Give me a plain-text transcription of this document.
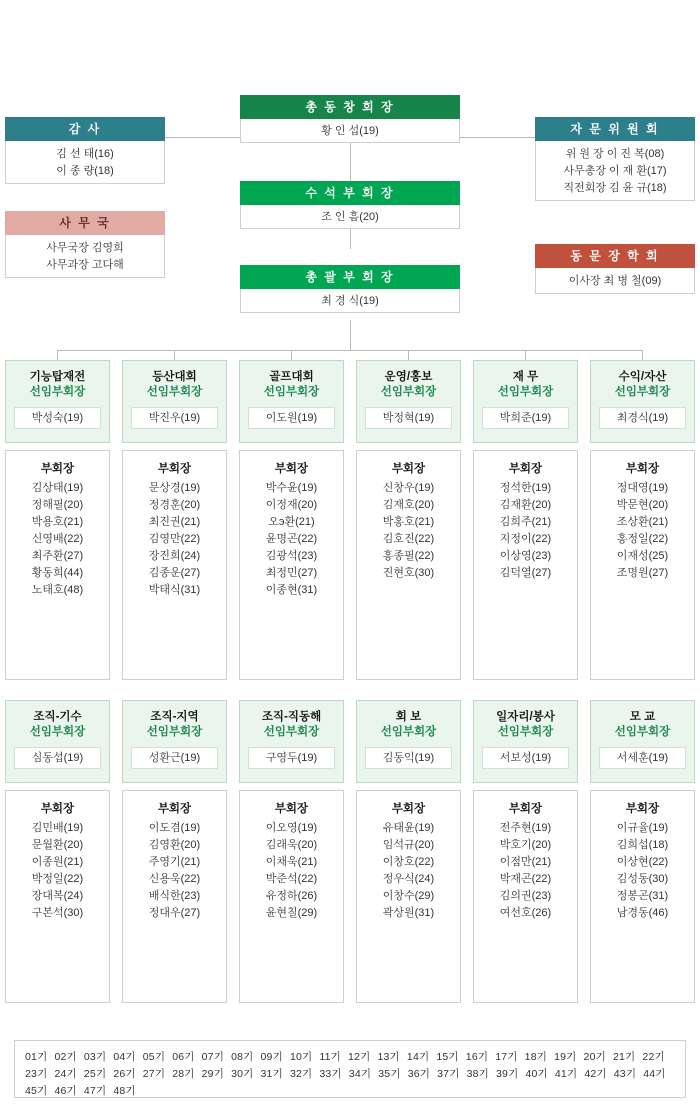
총 동 창 회 장
황 인 섭(19)
감 사
김 선 태(16)
이 종 량(18)
자 문 위 원 회
위 원 장 이 진 복(08)
사무총장 이 재 환(17)
직전회장 김 윤 규(18)
수 석 부 회 장
조 인 흠(20)
사 무 국
사무국장 김영희
사무과장 고다해
총 괄 부 회 장
최 경 식(19)
동 문 장 학 회
이사장 최 병 철(09)
기능탑재전
선임부회장
박성숙(19)
부회장
김상태(19)
정해필(20)
박용호(21)
신영배(22)
최주환(27)
황동희(44)
노태호(48)
등산대회
선임부회장
박진우(19)
부회장
문상경(19)
정경훈(20)
최진권(21)
김영만(22)
장진희(24)
김종운(27)
박태식(31)
골프대회
선임부회장
이도원(19)
부회장
박수윤(19)
이정재(20)
오э환(21)
윤명곤(22)
김광석(23)
최정민(27)
이종현(31)
운영/홍보
선임부회장
박정혁(19)
부회장
신창우(19)
김재호(20)
박홍호(21)
김호진(22)
홍종필(22)
진현호(30)
재 무
선임부회장
박희준(19)
부회장
정석한(19)
김재환(20)
김희주(21)
지정이(22)
이상영(23)
김덕열(27)
수익/자산
선임부회장
최경식(19)
부회장
정대영(19)
박문현(20)
조상환(21)
홍정일(22)
이재성(25)
조명원(27)
조직-기수
선임부회장
심동섭(19)
부회장
김민배(19)
문월환(20)
이종원(21)
박정일(22)
장대복(24)
구본석(30)
조직-지역
선임부회장
성환근(19)
부회장
이도겸(19)
김영환(20)
주영기(21)
신용욱(22)
배식한(23)
정대우(27)
조직-직동해
선임부회장
구영두(19)
부회장
이오영(19)
김래욱(20)
이채욱(21)
박준석(22)
유정하(26)
윤현칠(29)
회 보
선임부회장
김동익(19)
부회장
유태윤(19)
임석규(20)
이창호(22)
정우식(24)
이창수(29)
곽상원(31)
일자리/봉사
선임부회장
서보성(19)
부회장
전주현(19)
박호기(20)
이점만(21)
박재곤(22)
김의권(23)
여선호(26)
모 교
선임부회장
서세훈(19)
부회장
이규율(19)
김희섭(18)
이상현(22)
김성동(30)
정봉곤(31)
남경동(46)
01기 02기 03기 04기 05기 06기 07기 08기 09기 10기 11기 12기 13기 14기 15기 16기 17기 18기 19기 20기 21기 22기23기 24기 25기 26기 27기 28기 29기 30기 31기 32기 33기 34기 35기 36기 37기 38기 39기 40기 41기 42기 43기 44기45기 46기 47기 48기
